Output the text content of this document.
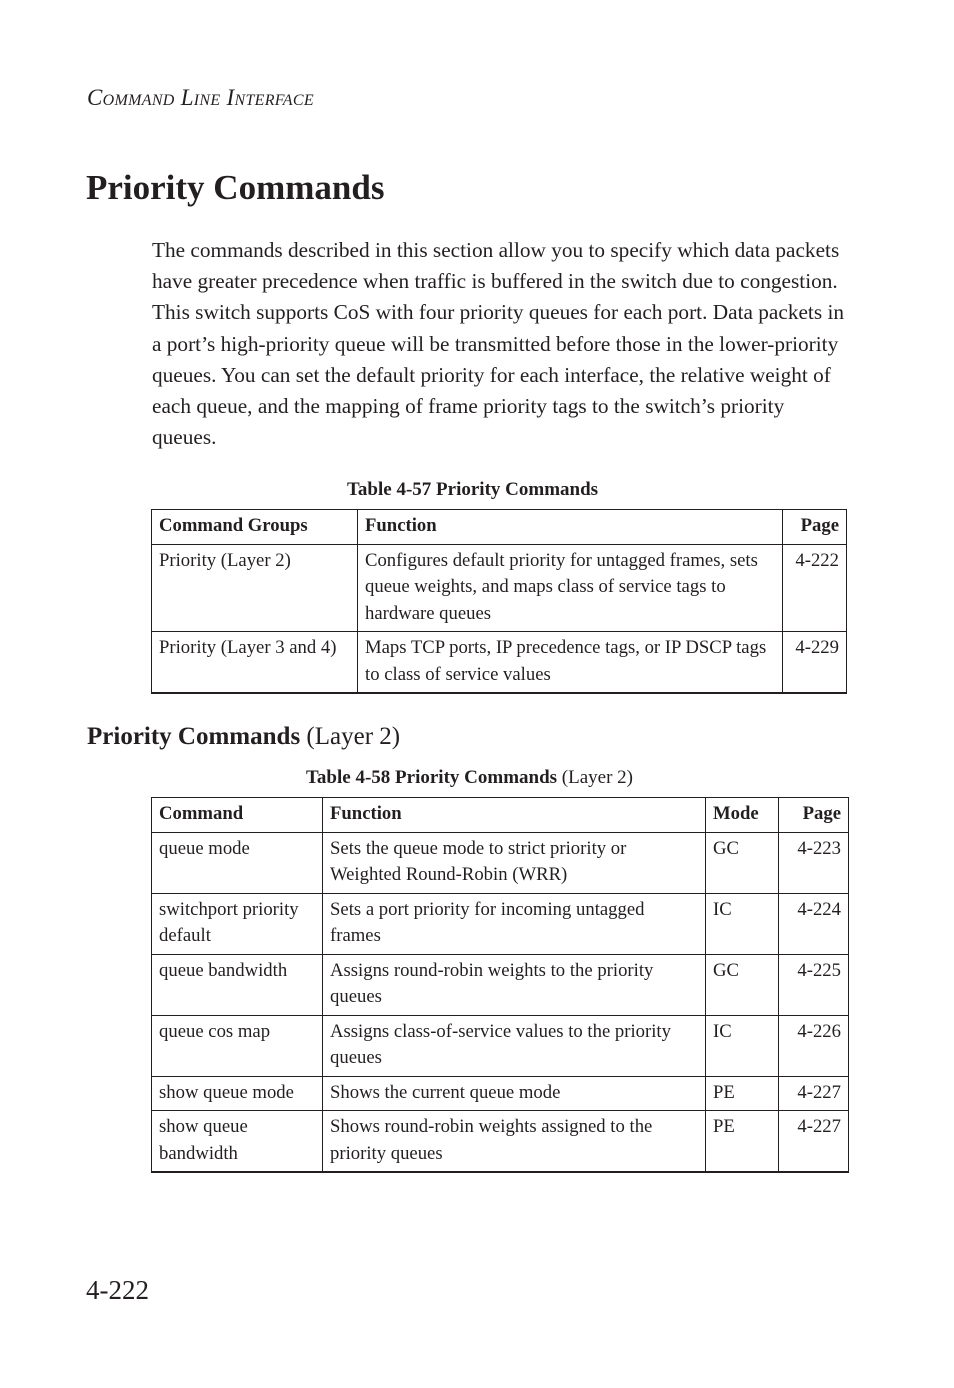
Command Line Interface
Priority Commands

The commands described in this section allow you to specify which data packets have greater precedence when traffic is buffered in the switch due to congestion. This switch supports CoS with four priority queues for each port. Data packets in a port’s high-priority queue will be transmitted before those in the lower-priority queues. You can set the default priority for each interface, the relative weight of each queue, and the mapping of frame priority tags to the switch’s priority queues.

Table 4-57 Priority Commands
Command Groups	Function	Page
Priority (Layer 2)	Configures default priority for untagged frames, sets queue weights, and maps class of service tags to hardware queues	4-222
Priority (Layer 3 and 4)	Maps TCP ports, IP precedence tags, or IP DSCP tags to class of service values	4-229
Priority Commands (Layer 2)
Table 4-58 Priority Commands (Layer 2)
Command	Function	Mode	Page
queue mode	Sets the queue mode to strict priority or Weighted Round-Robin (WRR)	GC	4-223
switchport priority default	Sets a port priority for incoming untagged frames	IC	4-224
queue bandwidth	Assigns round-robin weights to the priority queues	GC	4-225
queue cos map	Assigns class-of-service values to the priority queues	IC	4-226
show queue mode	Shows the current queue mode	PE	4-227
show queue bandwidth	Shows round-robin weights assigned to the priority queues	PE	4-227
4-222
